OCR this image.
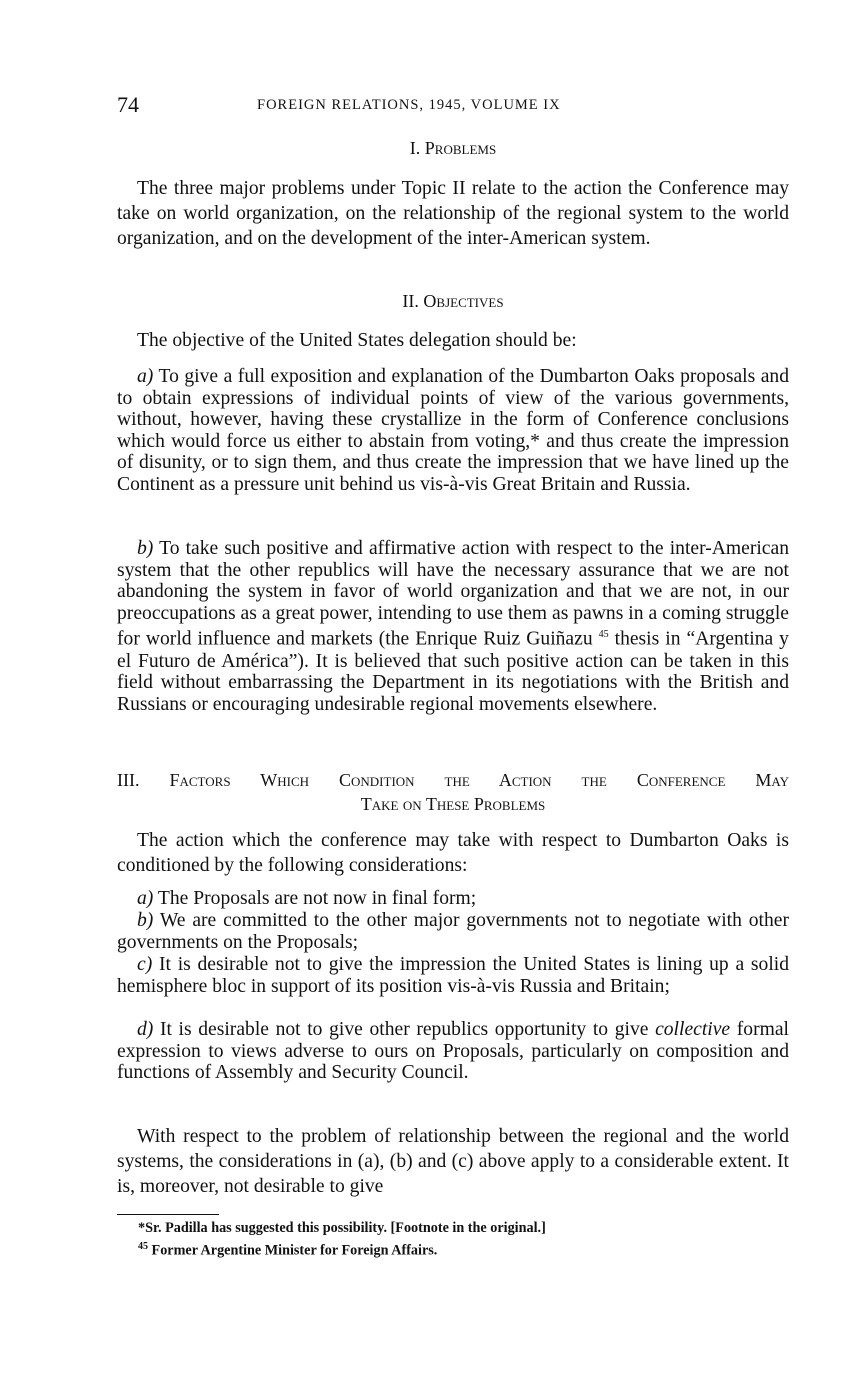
74	FOREIGN RELATIONS, 1945, VOLUME IX
I. Problems

The three major problems under Topic II relate to the action the Conference may take on world organization, on the relationship of the regional system to the world organization, and on the development of the inter-American system.

II. Objectives

The objective of the United States delegation should be:

a) To give a full exposition and explanation of the Dumbarton Oaks proposals and to obtain expressions of individual points of view of the various governments, without, however, having these crystallize in the form of Conference conclusions which would force us either to abstain from voting,* and thus create the impression of disunity, or to sign them, and thus create the impression that we have lined up the Continent as a pressure unit behind us vis-à-vis Great Britain and Russia.

b) To take such positive and affirmative action with respect to the inter-American system that the other republics will have the necessary assurance that we are not abandoning the system in favor of world organization and that we are not, in our preoccupations as a great power, intending to use them as pawns in a coming struggle for world influence and markets (the Enrique Ruiz Guiñazu $^{45}$ thesis in “Argentina y el Futuro de América”). It is believed that such positive action can be taken in this field without embarrassing the Department in its negotiations with the British and Russians or encouraging undesirable regional movements elsewhere.

III. Factors Which Condition the Action the Conference May
Take on These Problems

The action which the conference may take with respect to Dumbarton Oaks is conditioned by the following considerations:

a) The Proposals are not now in final form;

b) We are committed to the other major governments not to negotiate with other governments on the Proposals;

c) It is desirable not to give the impression the United States is lining up a solid hemisphere bloc in support of its position vis-à-vis Russia and Britain;

d) It is desirable not to give other republics opportunity to give collective formal expression to views adverse to ours on Proposals, particularly on composition and functions of Assembly and Security Council.

With respect to the problem of relationship between the regional and the world systems, the considerations in (a), (b) and (c) above apply to a considerable extent. It is, moreover, not desirable to give

*Sr. Padilla has suggested this possibility. [Footnote in the original.]
$^{45}$ Former Argentine Minister for Foreign Affairs.
